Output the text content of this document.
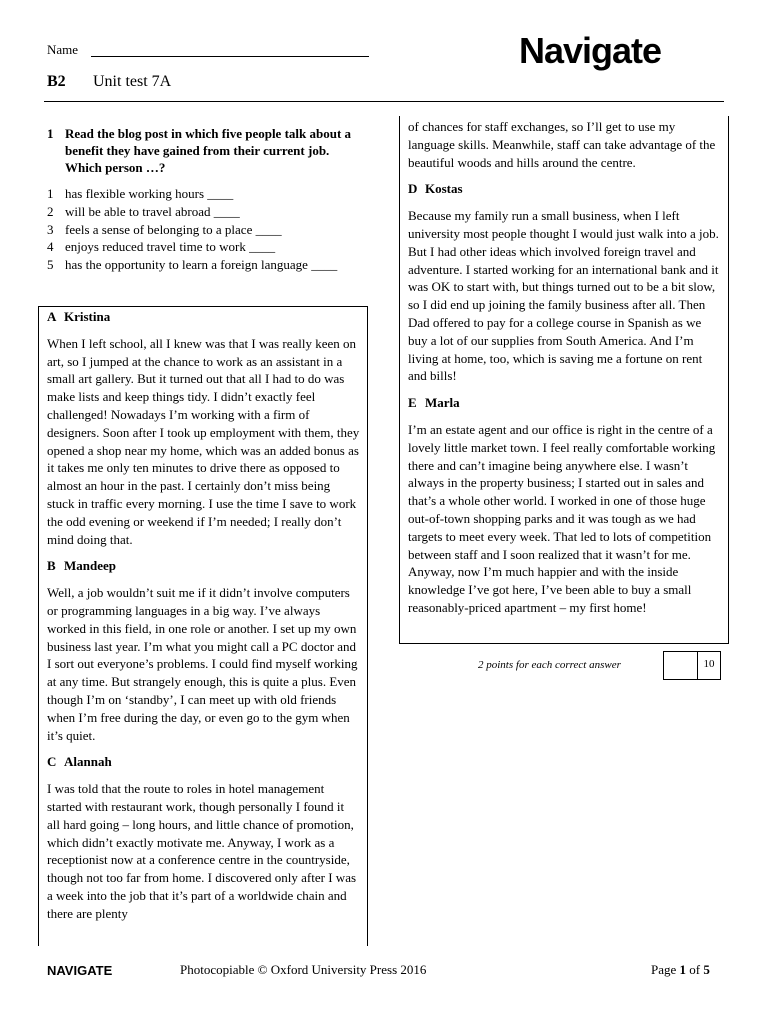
Name	Navigate
B2 Unit test 7A
1 Read the blog post in which five people talk about a benefit they have gained from their current job. Which person …?
1 has flexible working hours ____
2 will be able to travel abroad ____
3 feels a sense of belonging to a place ____
4 enjoys reduced travel time to work ____
5 has the opportunity to learn a foreign language ____
A Kristina

When I left school, all I knew was that I was really keen on art, so I jumped at the chance to work as an assistant in a small art gallery. But it turned out that all I had to do was make lists and keep things tidy. I didn’t exactly feel challenged! Nowadays I’m working with a firm of designers. Soon after I took up employment with them, they opened a shop near my home, which was an added bonus as it takes me only ten minutes to drive there as opposed to almost an hour in the past. I certainly don’t miss being stuck in traffic every morning. I use the time I save to work the odd evening or weekend if I’m needed; I really don’t mind doing that.

B Mandeep

Well, a job wouldn’t suit me if it didn’t involve computers or programming languages in a big way. I’ve always worked in this field, in one role or another. I set up my own business last year. I’m what you might call a PC doctor and I sort out everyone’s problems. I could find myself working at any time. But strangely enough, this is quite a plus. Even though I’m on ‘standby’, I can meet up with old friends when I’m free during the day, or even go to the gym when it’s quiet.

C Alannah

I was told that the route to roles in hotel management started with restaurant work, though personally I found it all hard going – long hours, and little chance of promotion, which didn’t exactly motivate me. Anyway, I work as a receptionist now at a conference centre in the countryside, though not too far from home. I discovered only after I was a week into the job that it’s part of a worldwide chain and there are plenty

of chances for staff exchanges, so I’ll get to use my language skills. Meanwhile, staff can take advantage of the beautiful woods and hills around the centre.

D Kostas

Because my family run a small business, when I left university most people thought I would just walk into a job. But I had other ideas which involved foreign travel and adventure. I started working for an international bank and it was OK to start with, but things turned out to be a bit slow, so I did end up joining the family business after all. Then Dad offered to pay for a college course in Spanish as we buy a lot of our supplies from South America. And I’m living at home, too, which is saving me a fortune on rent and bills!

E Marla

I’m an estate agent and our office is right in the centre of a lovely little market town. I feel really comfortable working there and can’t imagine being anywhere else. I wasn’t always in the property business; I started out in sales and that’s a whole other world. I worked in one of those huge out-of-town shopping parks and it was tough as we had targets to meet every week. That led to lots of competition between staff and I soon realized that it wasn’t for me. Anyway, now I’m much happier and with the inside knowledge I’ve got here, I’ve been able to buy a small reasonably-priced apartment – my first home!

2 points for each correct answer	10
NAVIGATE	Photocopiable © Oxford University Press 2016	Page 1 of 5
